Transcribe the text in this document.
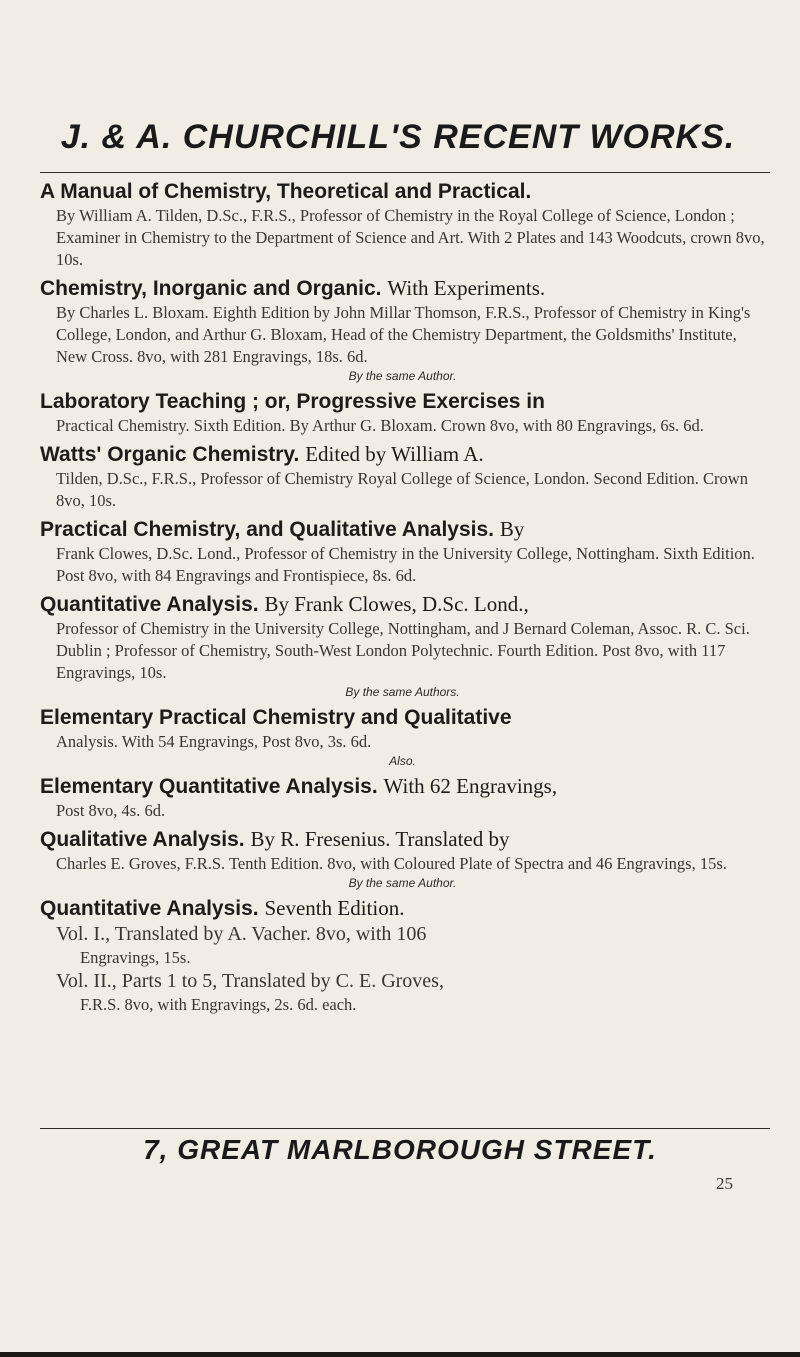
J. & A. CHURCHILL'S RECENT WORKS.
A Manual of Chemistry, Theoretical and Practical.
By William A. Tilden, D.Sc., F.R.S., Professor of Chemistry in the Royal College of Science, London ; Examiner in Chemistry to the Department of Science and Art. With 2 Plates and 143 Woodcuts, crown 8vo, 10s.
Chemistry, Inorganic and Organic. With Experiments.
By Charles L. Bloxam. Eighth Edition by John Millar Thomson, F.R.S., Professor of Chemistry in King's College, London, and Arthur G. Bloxam, Head of the Chemistry Department, the Goldsmiths' Institute, New Cross. 8vo, with 281 Engravings, 18s. 6d.
By the same Author.
Laboratory Teaching ; or, Progressive Exercises in
Practical Chemistry. Sixth Edition. By Arthur G. Bloxam. Crown 8vo, with 80 Engravings, 6s. 6d.
Watts' Organic Chemistry. Edited by William A.
Tilden, D.Sc., F.R.S., Professor of Chemistry Royal College of Science, London. Second Edition. Crown 8vo, 10s.
Practical Chemistry, and Qualitative Analysis. By
Frank Clowes, D.Sc. Lond., Professor of Chemistry in the University College, Nottingham. Sixth Edition. Post 8vo, with 84 Engravings and Frontispiece, 8s. 6d.
Quantitative Analysis. By Frank Clowes, D.Sc. Lond.,
Professor of Chemistry in the University College, Nottingham, and J Bernard Coleman, Assoc. R. C. Sci. Dublin ; Professor of Chemistry, South-West London Polytechnic. Fourth Edition. Post 8vo, with 117 Engravings, 10s.
By the same Authors.
Elementary Practical Chemistry and Qualitative
Analysis. With 54 Engravings, Post 8vo, 3s. 6d.
Also.
Elementary Quantitative Analysis. With 62 Engravings,
Post 8vo, 4s. 6d.
Qualitative Analysis. By R. Fresenius. Translated by
Charles E. Groves, F.R.S. Tenth Edition. 8vo, with Coloured Plate of Spectra and 46 Engravings, 15s.
By the same Author.
Quantitative Analysis. Seventh Edition.
Vol. I., Translated by A. Vacher. 8vo, with 106
Engravings, 15s.
Vol. II., Parts 1 to 5, Translated by C. E. Groves,
F.R.S. 8vo, with Engravings, 2s. 6d. each.
7, GREAT MARLBOROUGH STREET.
25
